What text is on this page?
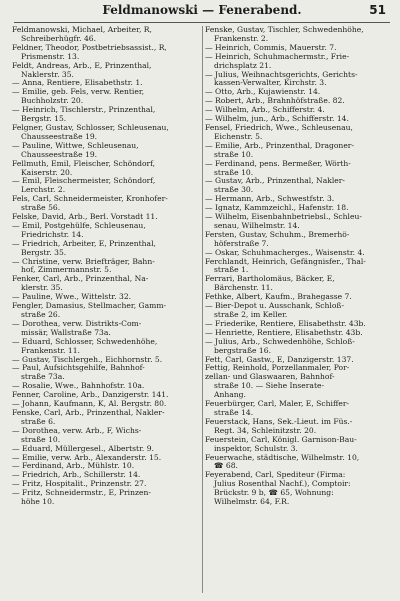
Feldmanowski — Fenerabend.	51
Feldmanowski, Michael, Arbeiter, R,
Schreiberhügfr. 46.
Feldner, Theodor, Postbetriebsassist., R,
Prismenstr. 13.
Feldt, Andreas, Arb., E, Prinzenthal,
Naklerstr. 35.
— Anna, Rentiere, Elisabethstr. 1.
— Emilie, geb. Fels, verw. Rentier,
Buchholzstr. 20.
— Heinrich, Tischlerstr., Prinzenthal,
Bergstr. 15.
Felgner, Gustav, Schlosser, Schleusenau,
Chausseestraße 19.
— Pauline, Wittwe, Schleusenau,
Chausseestraße 19.
Fellmuth, Emil, Fleischer, Schöndorf,
Kaiserstr. 20.
— Emil, Fleischermeister, Schöndorf,
Lerchstr. 2.
Fels, Carl, Schneidermeister, Kronhofer-
straße 56.
Felske, David, Arb., Berl. Vorstadt 11.
— Emil, Postgehülfe, Schleusenau,
Friedrichstr. 14.
— Friedrich, Arbeiter, E, Prinzenthal,
Bergstr. 35.
— Christine, verw. Briefträger, Bahn-
hof, Zimmermannstr. 5.
Fenker, Carl, Arb., Prinzenthal, Na-
klerstr. 35.
— Pauline, Wwe., Wittelstr. 32.
Fengler, Damasius, Stellmacher, Gamm-
straße 26.
— Dorothea, verw. Distrikts-Com-
missär, Wallstraße 73a.
— Eduard, Schlosser, Schwedenhöhe,
Frankenstr. 11.
— Gustav, Tischlergeh., Eichhornstr. 5.
— Paul, Aufsichtsgehilfe, Bahnhof-
straße 73a.
— Rosalie, Wwe., Bahnhofstr. 10a.
Fenner, Caroline, Arb., Danzigerstr. 141.
— Johann, Kaufmann, K, Al. Bergstr. 80.
Fenske, Carl, Arb., Prinzenthal, Nakler-
straße 6.
— Dorothea, verw. Arb., F, Wichs-
straße 10.
— Eduard, Müllergesel., Albertstr. 9.
— Emilie, verw. Arb., Alexanderstr. 15.
— Ferdinand, Arb., Mühlstr. 10.
— Friedrich, Arb., Schillerstr. 14.
— Fritz, Hospitalit., Prinzenstr. 27.
— Fritz, Schneidermstr., E, Prinzen-
höhe 10.
Fenske, Gustav, Tischler, Schwedenhöhe,
Frankenstr. 2.
— Heinrich, Commis, Mauerstr. 7.
— Heinrich, Schuhmachermstr., Frie-
drichsplatz 21.
— Julius, Weihnachtsgerichts, Gerichts-
kassen-Verwalter, Kirchstr. 3.
— Otto, Arb., Kujawienstr. 14.
— Robert, Arb., Brahnhöfstraße. 82.
— Wilhelm, Arb., Schifferstr. 4.
— Wilhelm, jun., Arb., Schifferstr. 14.
Fensel, Friedrich, Wwe., Schleusenau,
Eichenstr. 5.
— Emilie, Arb., Prinzenthal, Dragoner-
straße 10.
— Ferdinand, pens. Bermeßer, Wörth-
straße 10.
— Gustav, Arb., Prinzenthal, Nakler-
straße 30.
— Hermann, Arb., Schwestfstr. 3.
— Ignatz, Kammzeichl., Hafenstr. 18.
— Wilhelm, Eisenbahnbetriebsl., Schleu-
senau, Wilhelmstr. 14.
Fersten, Gustav, Schuhm., Bremerhö-
höferstraße 7.
— Oskar, Schuhmacherges., Waisenstr. 4.
Ferchlandt, Heinrich, Gefängnisfer., Thal-
straße 1.
Ferrari, Bartholomäus, Bäcker, E,
Bärchenstr. 11.
Fethke, Albert, Kaufm., Brahegasse 7.
— Bier-Depot u. Ausschank, Schloß-
straße 2, im Keller.
— Friederike, Rentiere, Elisabethstr. 43b.
— Henriette, Rentiere, Elisabethstr. 43b.
— Julius, Arb., Schwedenhöhe, Schloß-
bergstraße 16.
Fett, Carl, Gastw., E, Danzigerstr. 137.
Fettig, Reinhold, Porzellanmaler, Por-
zellan- und Glaswaaren, Bahnhof-
straße 10. — Siehe Inserate-
Anhang.
Feuerbürger, Carl, Maler, E, Schiffer-
straße 14.
Feuerstack, Hans, Sek.-Lieut. im Füs.-
Regt. 34, Schleinitzstr. 20.
Feuerstein, Carl, Königl. Garnison-Bau-
inspektor, Schulstr. 3.
Feuerwache, städtische, Wilhelmstr. 10,
☎ 68.
Feyerabend, Carl, Spediteur (Firma:
Julius Rosenthal Nachf.), Comptoir:
Brückstr. 9 b, ☎ 65, Wohnung:
Wilhelmstr. 64, F.R.
